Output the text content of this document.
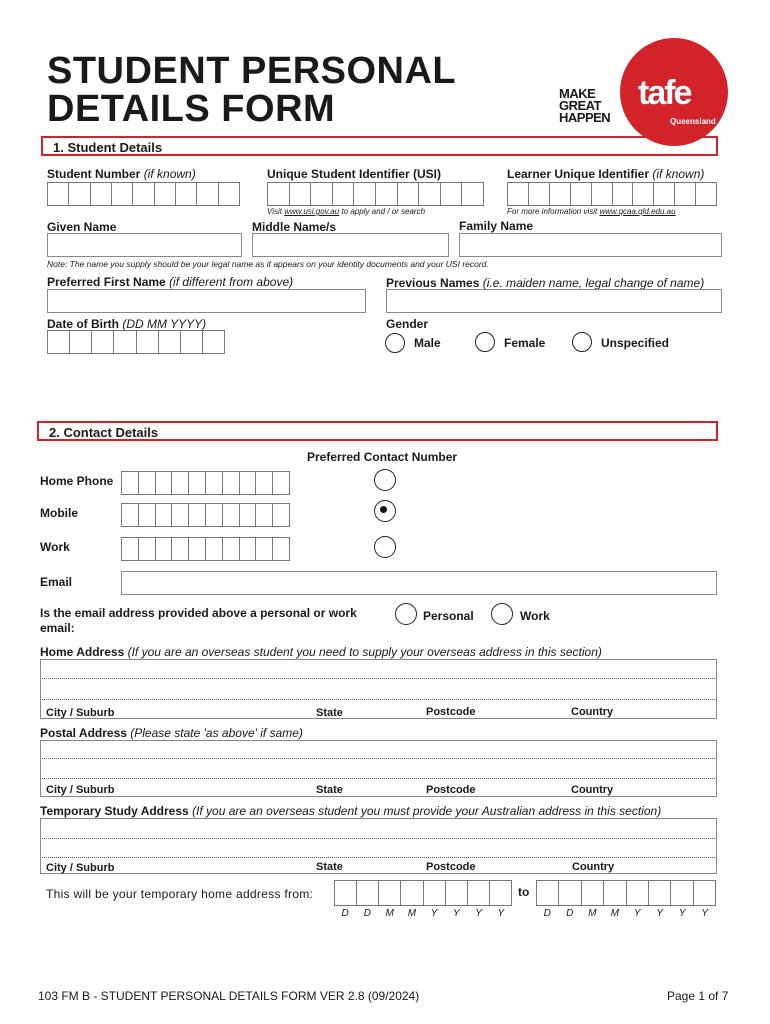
STUDENT PERSONAL
DETAILS FORM	MAKE
GREAT
HAPPEN
tafe
Queensland
1. Student Details
Student Number (if known)	Unique Student Identifier (USI)
Visit www.usi.gov.au to apply and / or search
Learner Unique Identifier (if known)
For more information visit www.qcaa.qld.edu.au
Given Name	Middle Name/s	Family Name
Note: The name you supply should be your legal name as it appears on your identity documents and your USI record.
Preferred First Name (if different from above)	Previous Names (i.e. maiden name, legal change of name)
Date of Birth (DD MM YYYY)	Gender
Male	Female	Unspecified
2. Contact Details
Preferred Contact Number
Home Phone
Mobile
Work
Email
Is the email address provided above a personal or work
email:
Personal	Work
Home Address (If you are an overseas student you need to supply your overseas address in this section)
City / Suburb	State	Postcode	Country
Postal Address (Please state 'as above' if same)
City / Suburb	State	Postcode	Country
Temporary Study Address (If you are an overseas student you must provide your Australian address in this section)
City / Suburb	State	Postcode	Country
This will be your temporary home address from:	to
D	D	M	M	Y	Y	Y	Y	D	D	M	M	Y	Y	Y	Y
103 FM B - STUDENT PERSONAL DETAILS FORM VER 2.8 (09/2024)	Page 1 of 7
